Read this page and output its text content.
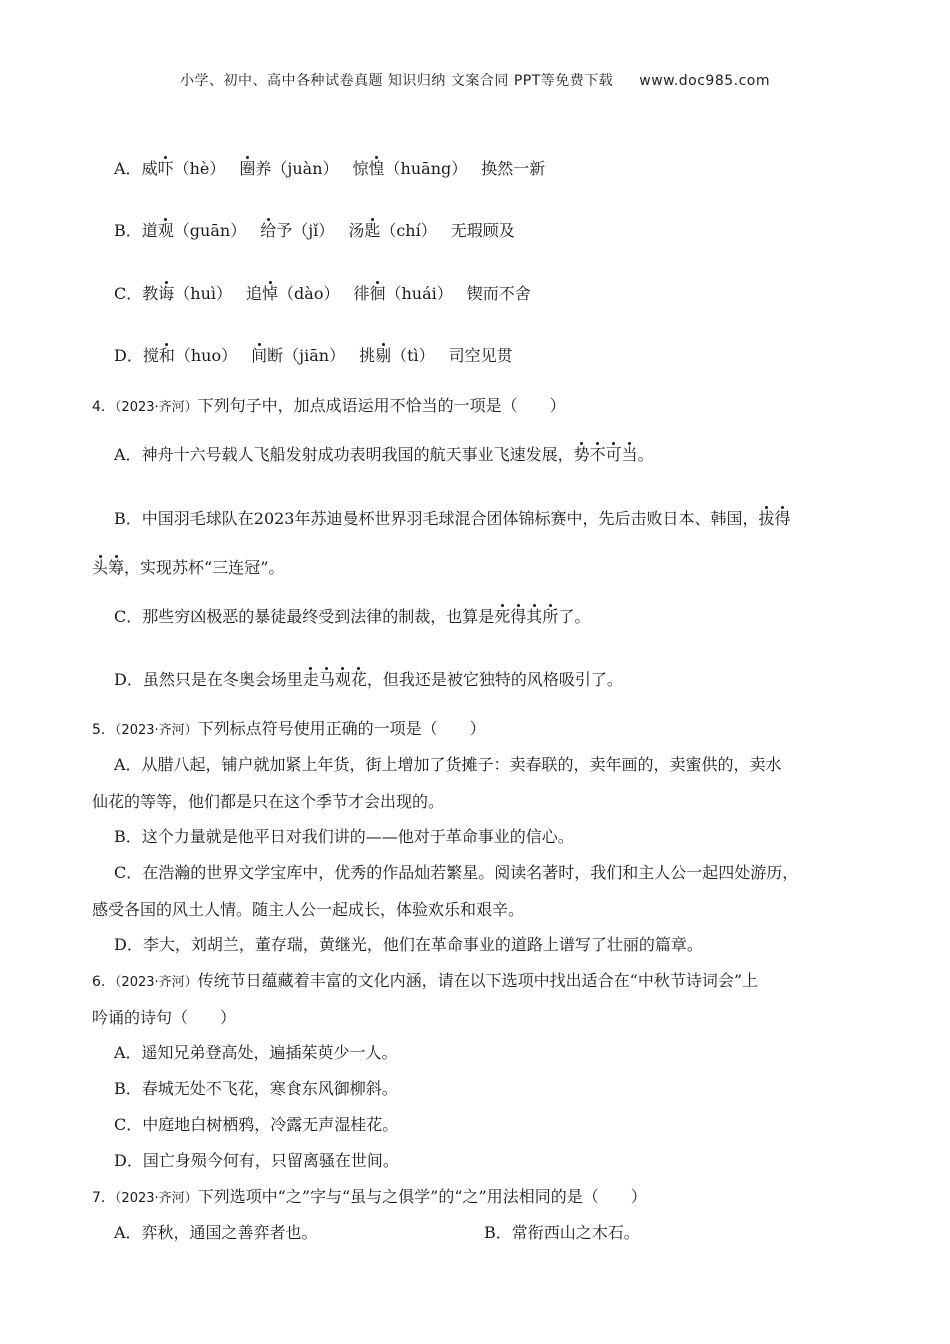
小学、初中、高中各种试卷真题 知识归纳 文案合同 PPT等免费下载 www.doc985.com
A．威吓（hè） 圈养（juàn） 惊惶（huāng） 换然一新
B．道观（guān） 给予（jǐ） 汤匙（chí） 无瑕顾及
C．教诲（huì） 追悼（dào） 徘徊（huái） 锲而不舍
D．搅和（huo） 间断（jiān） 挑剔（tì） 司空见贯
4．（2023·齐河）下列句子中，加点成语运用不恰当的一项是（　　）
A．神舟十六号载人飞船发射成功表明我国的航天事业飞速发展，势不可当。
B．中国羽毛球队在2023年苏迪曼杯世界羽毛球混合团体锦标赛中，先后击败日本、韩国，拔得
头筹，实现苏杯“三连冠”。
C．那些穷凶极恶的暴徒最终受到法律的制裁，也算是死得其所了。
D．虽然只是在冬奥会场里走马观花，但我还是被它独特的风格吸引了。
5．（2023·齐河）下列标点符号使用正确的一项是（　　）
A．从腊八起，铺户就加紧上年货，街上增加了货摊子：卖春联的，卖年画的，卖蜜供的，卖水
仙花的等等，他们都是只在这个季节才会出现的。
B．这个力量就是他平日对我们讲的——他对于革命事业的信心。
C．在浩瀚的世界文学宝库中，优秀的作品灿若繁星。阅读名著时，我们和主人公一起四处游历，
感受各国的风土人情。随主人公一起成长，体验欢乐和艰辛。
D．李大，刘胡兰，董存瑞，黄继光，他们在革命事业的道路上谱写了壮丽的篇章。
6．（2023·齐河）传统节日蕴藏着丰富的文化内涵，请在以下选项中找出适合在“中秋节诗词会”上
吟诵的诗句（　　）
A．遥知兄弟登高处，遍插茱萸少一人。
B．春城无处不飞花，寒食东风御柳斜。
C．中庭地白树栖鸦，冷露无声湿桂花。
D．国亡身殒今何有，只留离骚在世间。
7．（2023·齐河）下列选项中“之”字与“虽与之俱学”的“之”用法相同的是（　　）
A．弈秋，通国之善弈者也。	B．常衔西山之木石。
